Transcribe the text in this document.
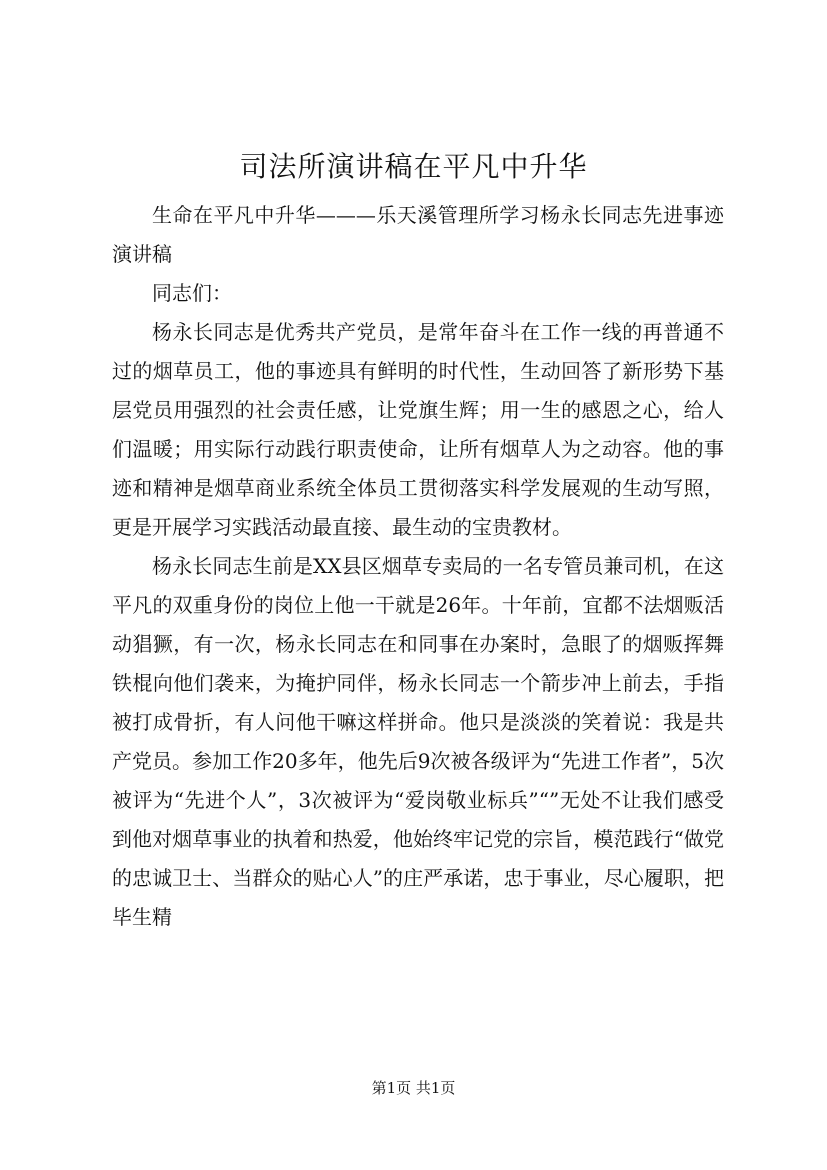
司法所演讲稿在平凡中升华

生命在平凡中升华———乐天溪管理所学习杨永长同志先进事迹演讲稿

同志们：

杨永长同志是优秀共产党员，是常年奋斗在工作一线的再普通不过的烟草员工，他的事迹具有鲜明的时代性，生动回答了新形势下基层党员用强烈的社会责任感，让党旗生辉；用一生的感恩之心，给人们温暖；用实际行动践行职责使命，让所有烟草人为之动容。他的事迹和精神是烟草商业系统全体员工贯彻落实科学发展观的生动写照，更是开展学习实践活动最直接、最生动的宝贵教材。

杨永长同志生前是XX县区烟草专卖局的一名专管员兼司机，在这平凡的双重身份的岗位上他一干就是26年。十年前，宜都不法烟贩活动猖獗，有一次，杨永长同志在和同事在办案时，急眼了的烟贩挥舞铁棍向他们袭来，为掩护同伴，杨永长同志一个箭步冲上前去，手指被打成骨折，有人问他干嘛这样拼命。他只是淡淡的笑着说：我是共产党员。参加工作20多年，他先后9次被各级评为“先进工作者”，5次被评为“先进个人”，3次被评为“爱岗敬业标兵”“”无处不让我们感受到他对烟草事业的执着和热爱，他始终牢记党的宗旨，模范践行“做党的忠诚卫士、当群众的贴心人”的庄严承诺，忠于事业，尽心履职，把毕生精

第1页 共1页
